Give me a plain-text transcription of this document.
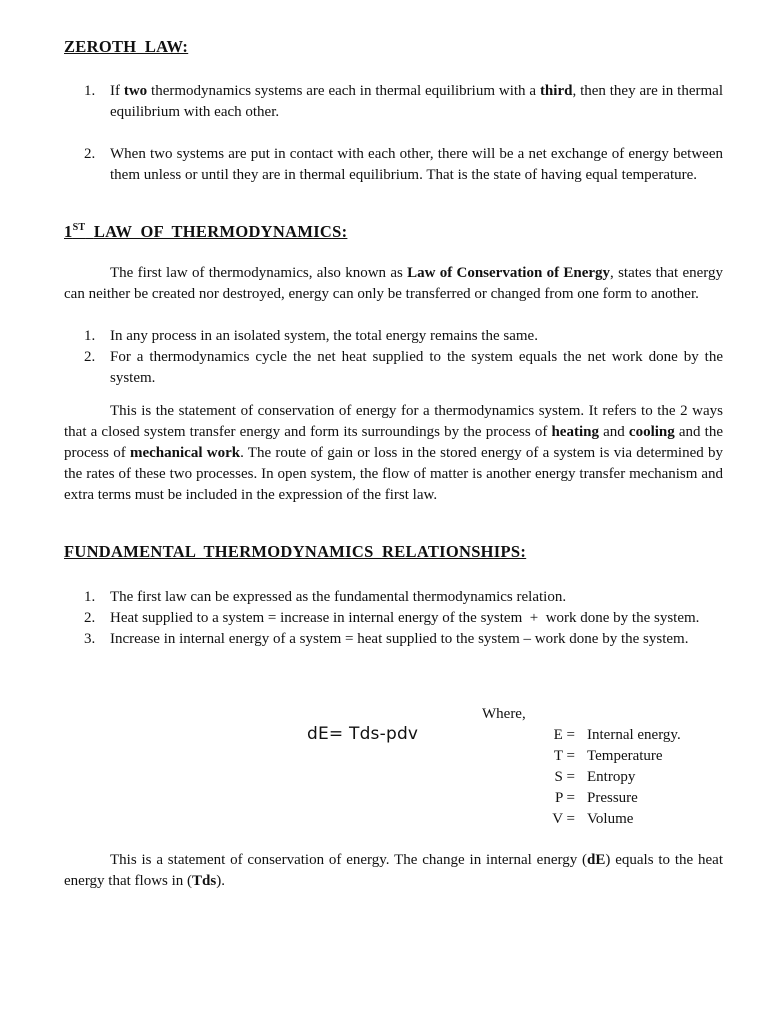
ZEROTH LAW:
1. If two thermodynamics systems are each in thermal equilibrium with a third, then they are in thermal equilibrium with each other.
2. When two systems are put in contact with each other, there will be a net exchange of energy between them unless or until they are in thermal equilibrium. That is the state of having equal temperature.
1ST LAW OF THERMODYNAMICS:

The first law of thermodynamics, also known as Law of Conservation of Energy, states that energy can neither be created nor destroyed, energy can only be transferred or changed from one form to another.

1. In any process in an isolated system, the total energy remains the same.
2. For a thermodynamics cycle the net heat supplied to the system equals the net work done by the system.

This is the statement of conservation of energy for a thermodynamics system. It refers to the 2 ways that a closed system transfer energy and form its surroundings by the process of heating and cooling and the process of mechanical work. The route of gain or loss in the stored energy of a system is via determined by the rates of these two processes. In open system, the flow of matter is another energy transfer mechanism and extra terms must be included in the expression of the first law.

FUNDAMENTAL THERMODYNAMICS RELATIONSHIPS:
1. The first law can be expressed as the fundamental thermodynamics relation.
2. Heat supplied to a system = increase in internal energy of the system  +  work done by the system.
3. Increase in internal energy of a system = heat supplied to the system – work done by the system.
Where,
dE= Tds-pdv	E = Internal energy.
T = Temperature
S = Entropy
P = Pressure
V = Volume

This is a statement of conservation of energy. The change in internal energy (dE) equals to the heat energy that flows in (Tds).
